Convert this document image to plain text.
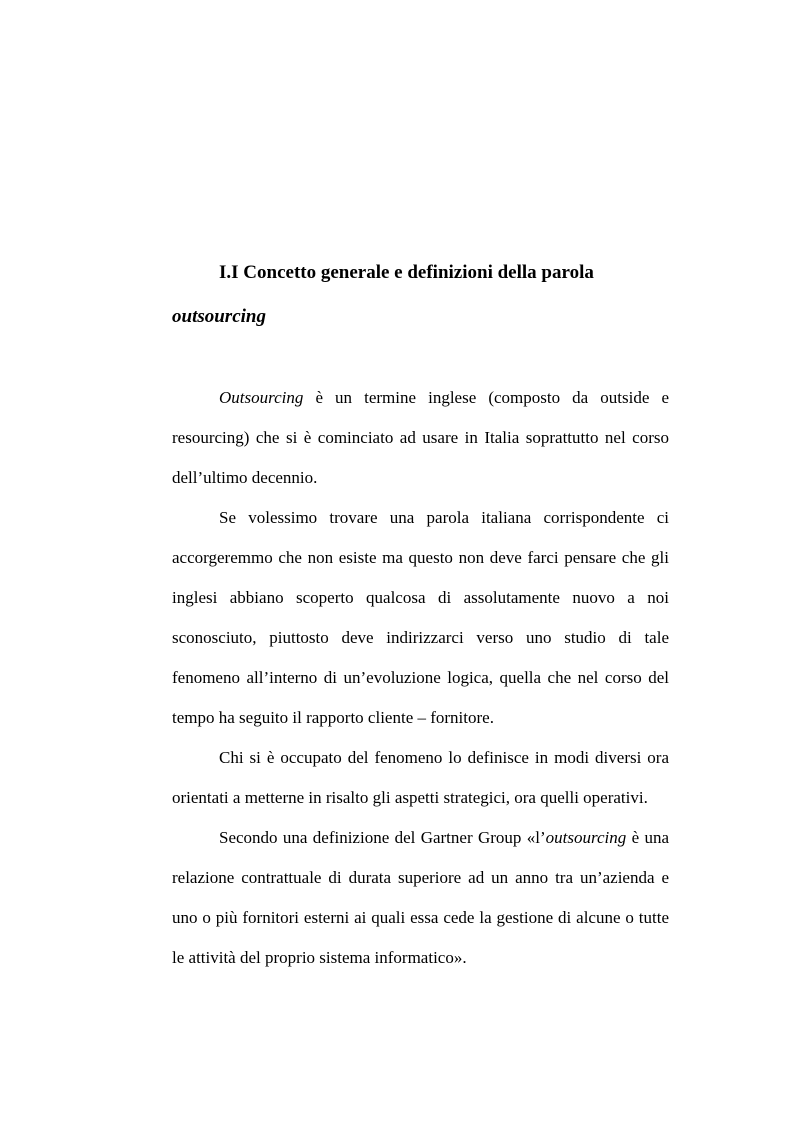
I.I Concetto generale e definizioni della parola
outsourcing

Outsourcing è un termine inglese (composto da outside e resourcing) che si è cominciato ad usare in Italia soprattutto nel corso dell’ultimo decennio.

Se volessimo trovare una parola italiana corrispondente ci accorgeremmo che non esiste ma questo non deve farci pensare che gli inglesi abbiano scoperto qualcosa di assolutamente nuovo a noi sconosciuto, piuttosto deve indirizzarci verso uno studio di tale fenomeno all’interno di un’evoluzione logica, quella che nel corso del tempo ha seguito il rapporto cliente – fornitore.

Chi si è occupato del fenomeno lo definisce in modi diversi ora orientati a metterne in risalto gli aspetti strategici, ora quelli operativi.

Secondo una definizione del Gartner Group «l’outsourcing è una relazione contrattuale di durata superiore ad un anno tra un’azienda e uno o più fornitori esterni ai quali essa cede la gestione di alcune o tutte le attività del proprio sistema informatico».
